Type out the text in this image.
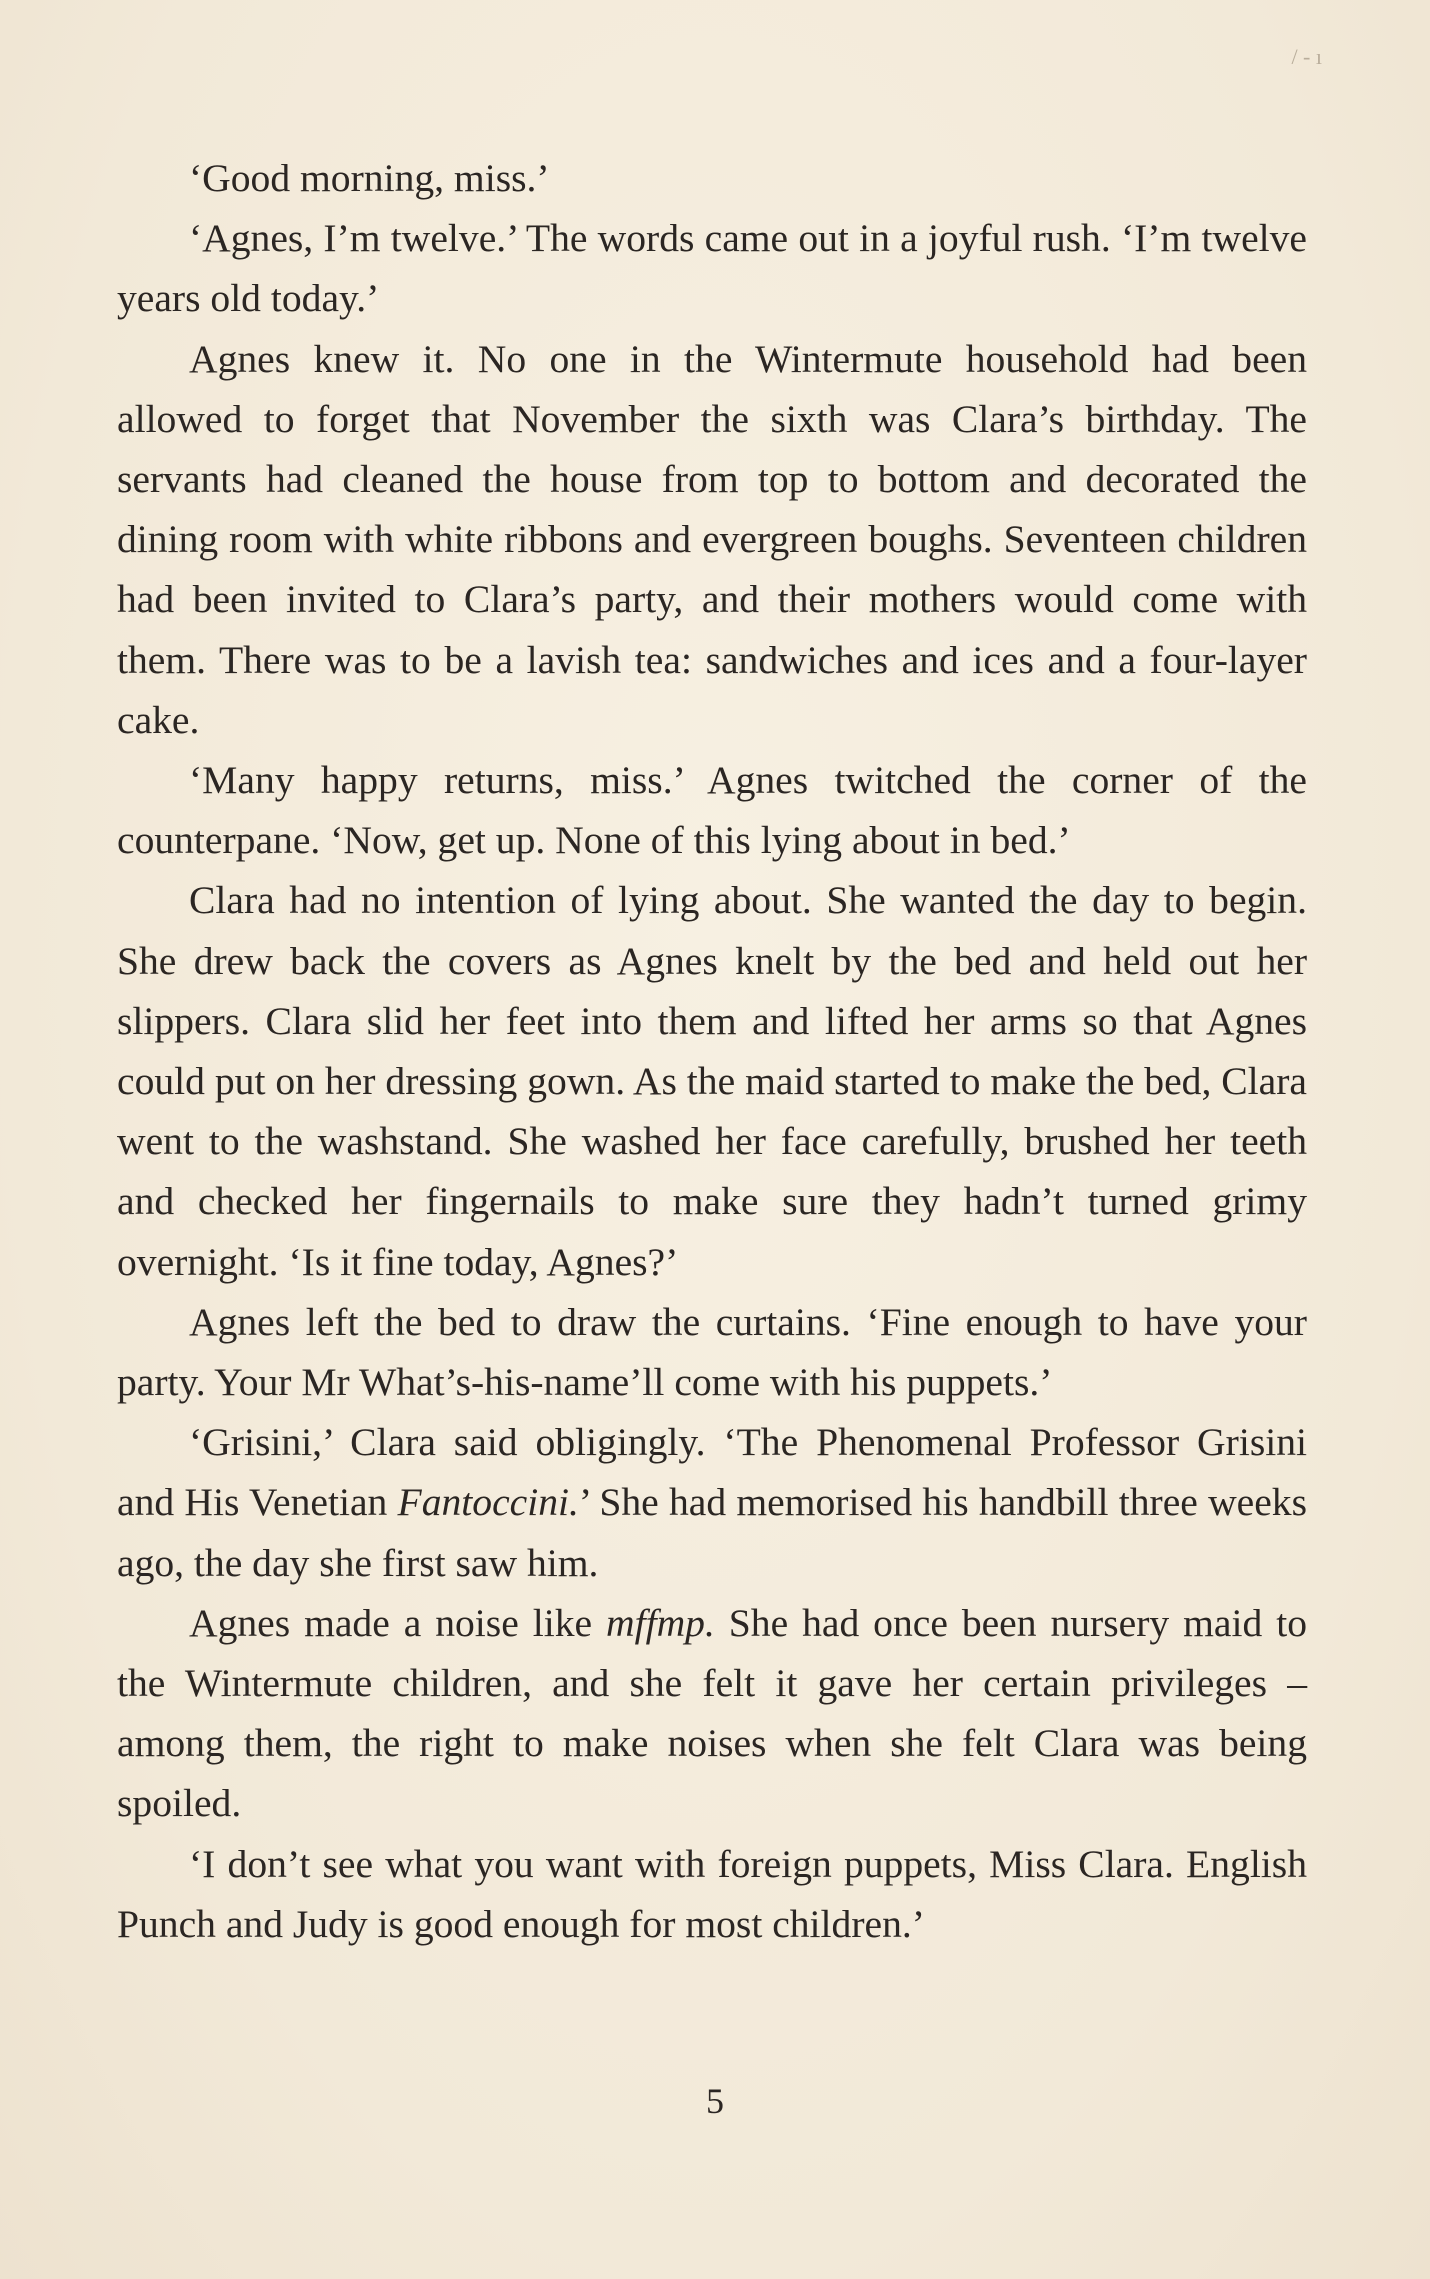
/ - ı

‘Good morning, miss.’

‘Agnes, I’m twelve.’ The words came out in a joyful rush. ‘I’m twelve years old today.’

Agnes knew it. No one in the Wintermute household had been allowed to forget that November the sixth was Clara’s birthday. The servants had cleaned the house from top to bottom and decorated the dining room with white ribbons and evergreen boughs. Seventeen children had been invited to Clara’s party, and their mothers would come with them. There was to be a lavish tea: sandwiches and ices and a four-layer cake.

‘Many happy returns, miss.’ Agnes twitched the corner of the counterpane. ‘Now, get up. None of this lying about in bed.’

Clara had no intention of lying about. She wanted the day to begin. She drew back the covers as Agnes knelt by the bed and held out her slippers. Clara slid her feet into them and lifted her arms so that Agnes could put on her dressing gown. As the maid started to make the bed, Clara went to the washstand. She washed her face carefully, brushed her teeth and checked her fingernails to make sure they hadn’t turned grimy overnight. ‘Is it fine today, Agnes?’

Agnes left the bed to draw the curtains. ‘Fine enough to have your party. Your Mr What’s-his-name’ll come with his puppets.’

‘Grisini,’ Clara said obligingly. ‘The Phenomenal Professor Grisini and His Venetian Fantoccini.’ She had memorised his handbill three weeks ago, the day she first saw him.

Agnes made a noise like mffmp. She had once been nursery maid to the Wintermute children, and she felt it gave her certain privileges – among them, the right to make noises when she felt Clara was being spoiled.

‘I don’t see what you want with foreign puppets, Miss Clara. English Punch and Judy is good enough for most children.’

5
